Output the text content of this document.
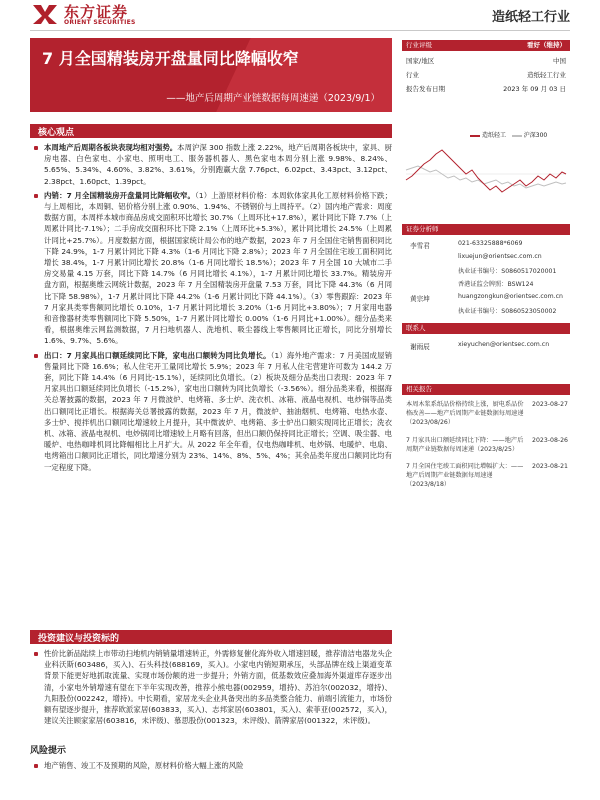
东方证券
ORIENT SECURITIES	造纸轻工行业
7 月全国精装房开盘量同比降幅收窄
——地产后周期产业链数据每周速递（2023/9/1）
核心观点
本周地产后周期各板块表现均相对强势。本周沪深 300 指数上涨 2.22%，地产后周期各板块中，家具、厨房电器、白色家电、小家电、照明电工、服务器机器人、黑色家电本周分别上涨 9.98%、8.24%、5.65%、5.34%、4.60%、3.82%、3.61%，分别跑赢大盘 7.76pct、6.02pct、3.43pct、3.12pct、2.38pct、1.60pct、1.39pct。
内销：7 月全国精装房开盘量同比降幅收窄。（1）上游原材料价格：本周软体家具化工原材料价格下跌；与上周相比，本周铜、铝价格分别上涨 0.90%、1.94%、不锈钢价与上周持平。（2）国内地产需求：周度数据方面，本周样本城市商品房成交面积环比增长 30.7%（上周环比+17.8%），累计同比下降 7.7%（上周累计同比-7.1%）；二手房成交面积环比下降 2.1%（上周环比+5.3%），累计同比增长 24.5%（上周累计同比+25.7%）。月度数据方面，根据国家统计局公布的地产数据，2023 年 7 月全国住宅销售面积同比下降 24.9%，1-7 月累计同比下降 4.3%（1-6 月同比下降 2.8%）；2023 年 7 月全国住宅竣工面积同比增长 38.4%，1-7 月累计同比增长 20.8%（1-6 月同比增长 18.5%）；2023 年 7 月全国 10 大城市二手房交易量 4.15 万套，同比下降 14.7%（6 月同比增长 4.1%），1-7 月累计同比增长 33.7%。精装房开盘方面，根据奥维云网统计数据，2023 年 7 月全国精装房开盘量 7.53 万套，同比下降 44.3%（6 月同比下降 58.98%），1-7 月累计同比下降 44.2%（1-6 月累计同比下降 44.1%）。（3）零售跟踪：2023 年 7 月家具类零售额同比增长 0.10%，1-7 月累计同比增长 3.20%（1-6 月同比+3.80%）；7 月家用电器和音像器材类零售额同比下降 5.50%，1-7 月累计同比增长 0.00%（1-6 月同比+1.00%）。细分品类来看，根据奥维云网监测数据，7 月扫地机器人、洗地机、吸尘器线上零售额同比正增长，同比分别增长 1.6%、9.7%、5.6%。
出口：7 月家具出口额延续同比下降，家电出口额转为同比负增长。（1）海外地产需求：7 月美国成屋销售量同比下降 16.6%；私人住宅开工量同比增长 5.9%；2023 年 7 月私人住宅营建许可数为 144.2 万套，同比下降 14.4%（6 月同比-15.1%），延续同比负增长。（2）板块及细分品类出口表现：2023 年 7 月家具出口额延续同比负增长（-15.2%），家电出口额转为同比负增长（-3.56%）。细分品类来看，根据海关总署披露的数据，2023 年 7 月微波炉、电烤箱、多士炉、洗衣机、冰箱、液晶电视机、电炒锅等品类出口额同比正增长。根据海关总署披露的数据，2023 年 7 月，微波炉、抽油烟机、电烤箱、电热水壶、多士炉、搅拌机出口额同比增速较上月提升，其中微波炉、电烤箱、多士炉出口额实现同比正增长；洗衣机、冰箱、液晶电视机、电炒锅同比增速较上月略有回落，但出口额仍保持同比正增长；空调、吸尘器、电暖炉、电热咖啡机同比降幅相比上月扩大。从 2022 年全年看，仅电热咖啡机、电炒锅、电暖炉、电扇、电烤箱出口额同比正增长，同比增速分别为 23%、14%、8%、5%、4%；其余品类年度出口额同比均有一定程度下降。
投资建议与投资标的
性价比新品陆续上市带动扫地机内销销量增速转正，外需修复催化海外收入增速回暖，推荐清洁电器龙头企业科沃斯(603486，买入)、石头科技(688169，买入)。小家电内销短期承压，头部品牌在线上渠道变革背景下能更好地抓取流量、实现市场份额的进一步提升；外销方面，低基数效应叠加海外渠道库存逐步出清，小家电外销增速有望在下半年实现改善，推荐小熊电器(002959，增持)、苏泊尔(002032，增持)、九阳股份(002242，增持)。中长期看，家居龙头企业具备突出的多品类整合能力、前端引流能力，市场份额有望逐步提升，推荐欧派家居(603833，买入)、志邦家居(603801，买入)、索菲亚(002572，买入)，建议关注顾家家居(603816，未评级)、慕思股份(001323，未评级)、箭牌家居(001322，未评级)。
风险提示
地产销售、竣工不及预期的风险，原材料价格大幅上涨的风险
行业评级	看好（维持）
国家/地区	中国
行业	造纸轻工行业
报告发布日期	2023 年 09 月 03 日
造纸轻工	沪深300
证券分析师
李雪君	021-63325888*6069
lixuejun@orientsec.com.cn
执业证书编号：S0860517020001
香港证监会牌照：BSW124
黄宗坤	huangzongkun@orientsec.com.cn
执业证书编号：S0860523050002
联系人
谢雨辰	xieyuchen@orientsec.com.cn
相关报告
本周木浆系纸品价格持续上涨，厨电系品价格改善——地产后周期产业链数据每周速递（2023/08/26）
2023-08-27
7 月家具出口额延续同比下降：——地产后周期产业链数据每周速递（2023/8/25）
2023-08-26
7 月全国住宅竣工面积同比增幅扩大：——地产后周期产业链数据每周速递（2023/8/18）
2023-08-21
